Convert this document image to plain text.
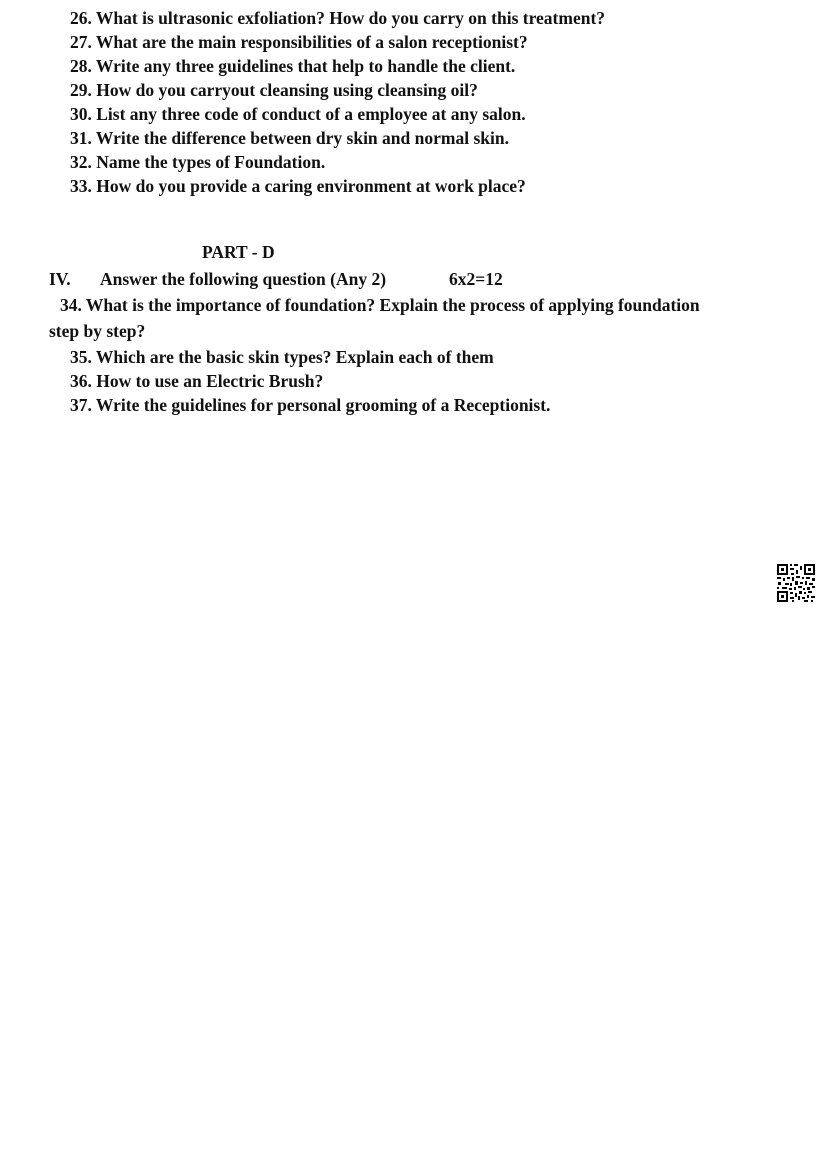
26. What is ultrasonic exfoliation? How do you carry on this treatment?
27. What are the main responsibilities of a salon receptionist?
28. Write any three guidelines that help to handle the client.
29. How do you carryout cleansing using cleansing oil?
30. List any three code of conduct of a employee at any salon.
31. Write the difference between dry skin and normal skin.
32. Name the types of Foundation.
33. How do you provide a caring environment at work place?
PART - D
IV. Answer the following question (Any 2)	6x2=12

34. What is the importance of foundation? Explain the process of applying foundation step by step?

35. Which are the basic skin types? Explain each of them
36. How to use an Electric Brush?
37. Write the guidelines for personal grooming of a Receptionist.
